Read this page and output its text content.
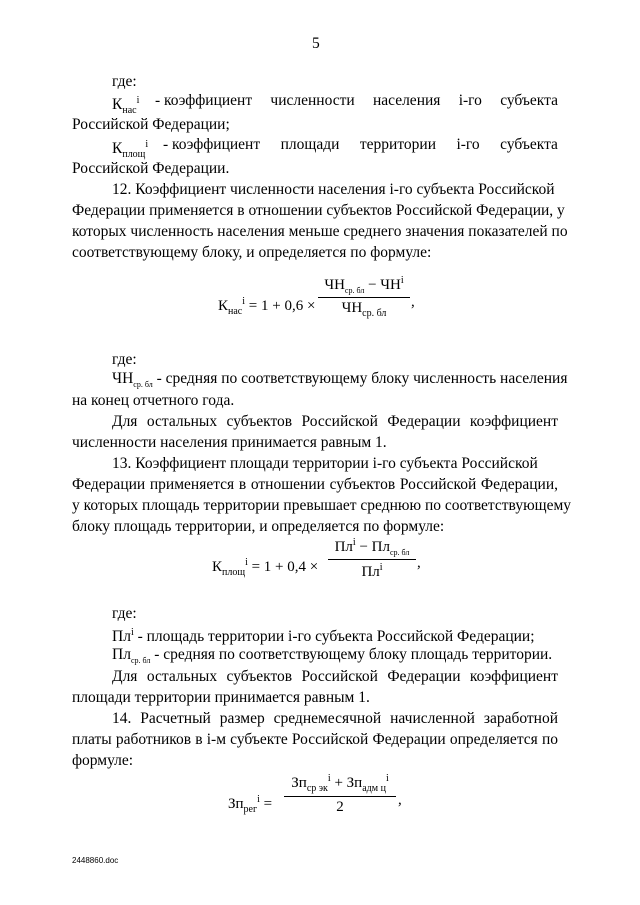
5
где:
$К_{нас}^i$ - коэффициент численности населения i-го субъекта
Российской Федерации;
$К_{площ}^i$ - коэффициент площади территории i-го субъекта
Российской Федерации.
12. Коэффициент численности населения i-го субъекта Российской
Федерации применяется в отношении субъектов Российской Федерации, у
которых численность населения меньше среднего значения показателей по
соответствующему блоку, и определяется по формуле:
$К_{нас}^i = 1 + 0,6$ ×
$ЧН_{ср. бл} - ЧН^i$
$ЧН_{ср. бл}$
,
где:
$ЧН_{ср. бл}$ - средняя по соответствующему блоку численность населения
на конец отчетного года.
Для остальных субъектов Российской Федерации коэффициент
численности населения принимается равным 1.
13. Коэффициент площади территории i-го субъекта Российской
Федерации применяется в отношении субъектов Российской Федерации,
у которых площадь территории превышает среднюю по соответствующему
блоку площадь территории, и определяется по формуле:
$К_{площ}^i = 1 + 0,4$ ×
$Пл^i - Пл_{ср. бл}$
$Пл^i$ ,
где:
$Пл^i$ - площадь территории i-го субъекта Российской Федерации;
$Пл_{ср. бл}$ - средняя по соответствующему блоку площадь территории.
Для остальных субъектов Российской Федерации коэффициент
площади территории принимается равным 1.
14. Расчетный размер среднемесячной начисленной заработной
платы работников в i-м субъекте Российской Федерации определяется по
формуле:
$Зп_{рег}^i$ =
$Зп_{ср эк}^i + Зп_{адм ц}^i$
2	,
2448860.doc
